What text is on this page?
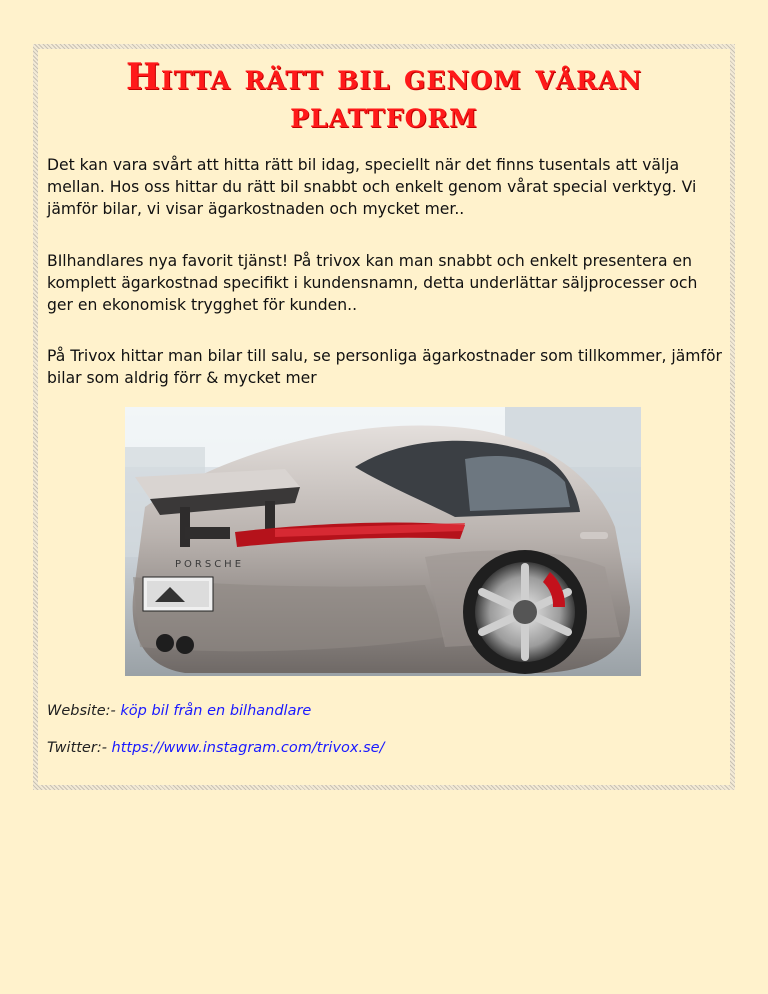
Hitta rätt bil genom våran
plattform

Det kan vara svårt att hitta rätt bil idag, speciellt när det finns tusentals att välja mellan. Hos oss hittar du rätt bil snabbt och enkelt genom vårat special verktyg. Vi jämför bilar, vi visar ägarkostnaden och mycket mer..

BIlhandlares nya favorit tjänst! På trivox kan man snabbt och enkelt presentera en komplett ägarkostnad specifikt i kundensnamn, detta underlättar säljprocesser och ger en ekonomisk trygghet för kunden..

På Trivox hittar man bilar till salu, se personliga ägarkostnader som tillkommer, jämför bilar som aldrig förr & mycket mer

PORSCHE

Website:- köp bil från en bilhandlare

Twitter:- https://www.instagram.com/trivox.se/
